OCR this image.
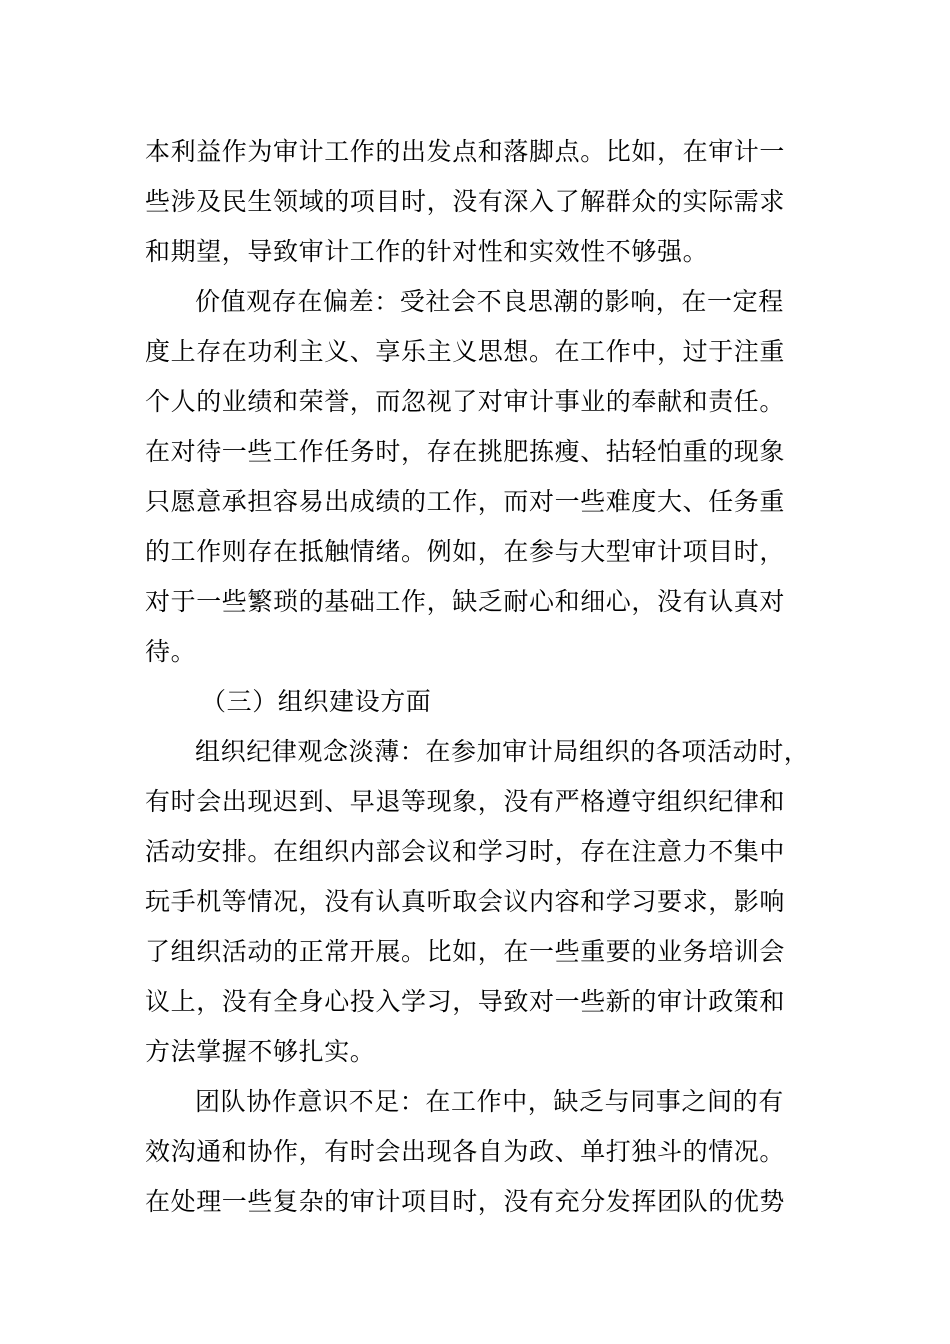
本利益作为审计工作的出发点和落脚点。比如，在审计一
些涉及民生领域的项目时，没有深入了解群众的实际需求
和期望，导致审计工作的针对性和实效性不够强。
价值观存在偏差：受社会不良思潮的影响，在一定程
度上存在功利主义、享乐主义思想。在工作中，过于注重
个人的业绩和荣誉，而忽视了对审计事业的奉献和责任。
在对待一些工作任务时，存在挑肥拣瘦、拈轻怕重的现象
只愿意承担容易出成绩的工作，而对一些难度大、任务重
的工作则存在抵触情绪。例如，在参与大型审计项目时，
对于一些繁琐的基础工作，缺乏耐心和细心，没有认真对
待。
（三）组织建设方面
组织纪律观念淡薄：在参加审计局组织的各项活动时，
有时会出现迟到、早退等现象，没有严格遵守组织纪律和
活动安排。在组织内部会议和学习时，存在注意力不集中
玩手机等情况，没有认真听取会议内容和学习要求，影响
了组织活动的正常开展。比如，在一些重要的业务培训会
议上，没有全身心投入学习，导致对一些新的审计政策和
方法掌握不够扎实。
团队协作意识不足：在工作中，缺乏与同事之间的有
效沟通和协作，有时会出现各自为政、单打独斗的情况。
在处理一些复杂的审计项目时，没有充分发挥团队的优势
